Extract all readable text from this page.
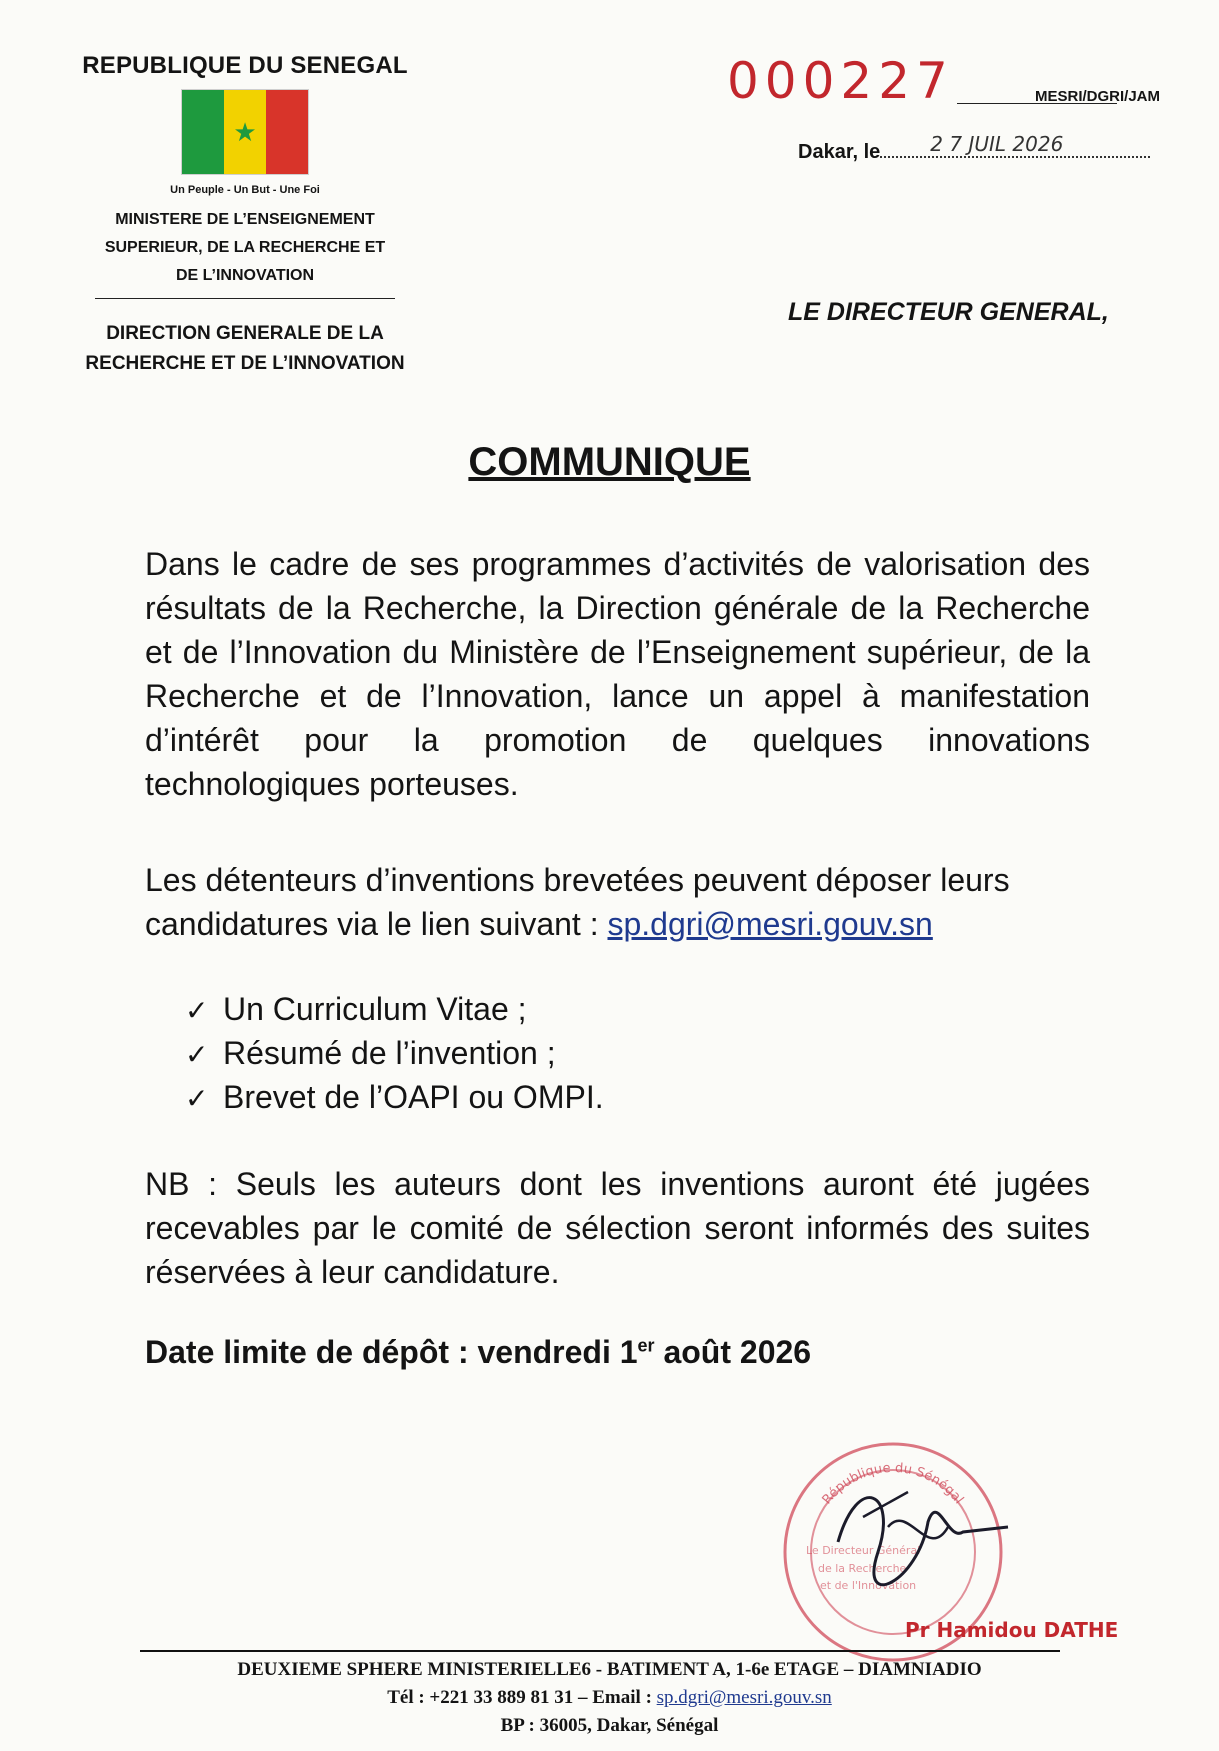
REPUBLIQUE DU SENEGAL
★
Un Peuple - Un But - Une Foi
MINISTERE DE L’ENSEIGNEMENT SUPERIEUR, DE LA RECHERCHE ET DE L’INNOVATION
DIRECTION GENERALE DE LA RECHERCHE ET DE L’INNOVATION
000227	MESRI/DGRI/JAM
Dakar, le	2 7 JUIL 2026
LE DIRECTEUR GENERAL,
COMMUNIQUE
Dans le cadre de ses programmes d’activités de valorisation des résultats de la Recherche, la Direction générale de la Recherche et de l’Innovation du Ministère de l’Enseignement supérieur, de la Recherche et de l’Innovation, lance un appel à manifestation d’intérêt pour la promotion de quelques innovations technologiques porteuses.
Les détenteurs d’inventions brevetées peuvent déposer leurs candidatures via le lien suivant : sp.dgri@mesri.gouv.sn
✓ Un Curriculum Vitae ;
✓ Résumé de l’invention ;
✓ Brevet de l’OAPI ou OMPI.
NB : Seuls les auteurs dont les inventions auront été jugées recevables par le comité de sélection seront informés des suites réservées à leur candidature.
Date limite de dépôt : vendredi 1er août 2026
République du Sénégal
Le Directeur Général
de la Recherche
et de l'Innovation
Pr Hamidou DATHE
DEUXIEME SPHERE MINISTERIELLE6 - BATIMENT A, 1-6e ETAGE – DIAMNIADIO
Tél : +221 33 889 81 31 – Email : sp.dgri@mesri.gouv.sn
BP : 36005, Dakar, Sénégal
